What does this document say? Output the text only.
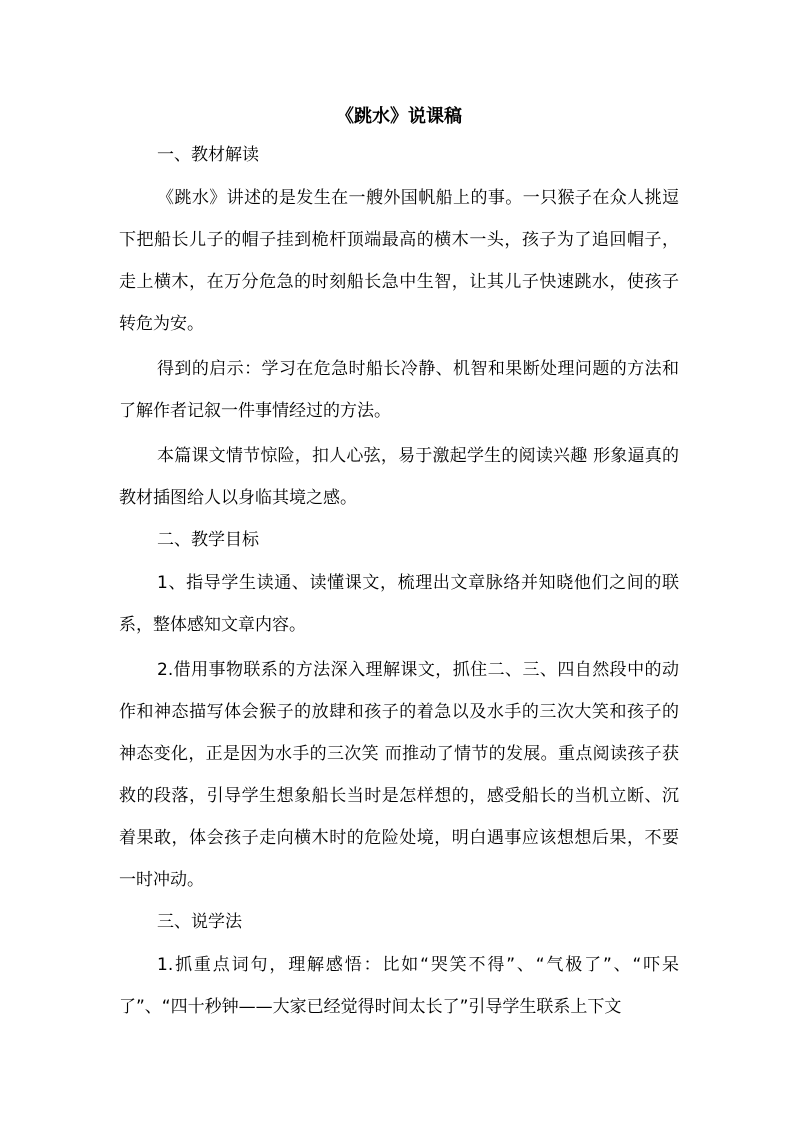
《跳水》说课稿
一、教材解读

《跳水》讲述的是发生在一艘外国帆船上的事。一只猴子在众人挑逗下把船长儿子的帽子挂到桅杆顶端最高的横木一头，孩子为了追回帽子，走上横木，在万分危急的时刻船长急中生智，让其儿子快速跳水，使孩子转危为安。

得到的启示：学习在危急时船长冷静、机智和果断处理问题的方法和了解作者记叙一件事情经过的方法。

本篇课文情节惊险，扣人心弦，易于激起学生的阅读兴趣 形象逼真的教材插图给人以身临其境之感。

二、教学目标

1、指导学生读通、读懂课文，梳理出文章脉络并知晓他们之间的联系，整体感知文章内容。

2.借用事物联系的方法深入理解课文，抓住二、三、四自然段中的动作和神态描写体会猴子的放肆和孩子的着急以及水手的三次大笑和孩子的神态变化，正是因为水手的三次笑 而推动了情节的发展。重点阅读孩子获救的段落，引导学生想象船长当时是怎样想的，感受船长的当机立断、沉着果敢，体会孩子走向横木时的危险处境，明白遇事应该想想后果，不要一时冲动。

三、说学法

1.抓重点词句，理解感悟：比如“哭笑不得”、“气极了”、“吓呆了”、“四十秒钟——大家已经觉得时间太长了”引导学生联系上下文
